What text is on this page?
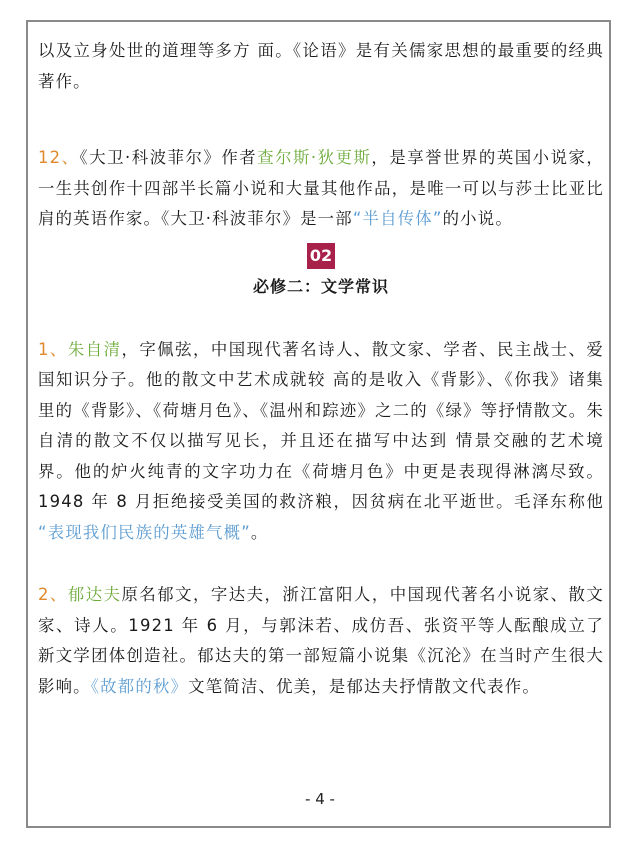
以及立身处世的道理等多方 面。《论语》是有关儒家思想的最重要的经典著作。

12、《大卫·科波菲尔》作者查尔斯·狄更斯，是享誉世界的英国小说家，一生共创作十四部半长篇小说和大量其他作品，是唯一可以与莎士比亚比肩的英语作家。《大卫·科波菲尔》是一部“半自传体”的小说。

02
必修二：文学常识

1、朱自清，字佩弦，中国现代著名诗人、散文家、学者、民主战士、爱国知识分子。他的散文中艺术成就较 高的是收入《背影》、《你我》诸集里的《背影》、《荷塘月色》、《温州和踪迹》之二的《绿》等抒情散文。朱自清的散文不仅以描写见长，并且还在描写中达到 情景交融的艺术境界。他的炉火纯青的文字功力在《荷塘月色》中更是表现得淋漓尽致。1948 年 8 月拒绝接受美国的救济粮，因贫病在北平逝世。毛泽东称他 “表现我们民族的英雄气概”。

2、郁达夫原名郁文，字达夫，浙江富阳人，中国现代著名小说家、散文家、诗人。1921 年 6 月，与郭沫若、成仿吾、张资平等人酝酿成立了新文学团体创造社。郁达夫的第一部短篇小说集《沉沦》在当时产生很大影响。《故都的秋》文笔简洁、优美，是郁达夫抒情散文代表作。

- 4 -
